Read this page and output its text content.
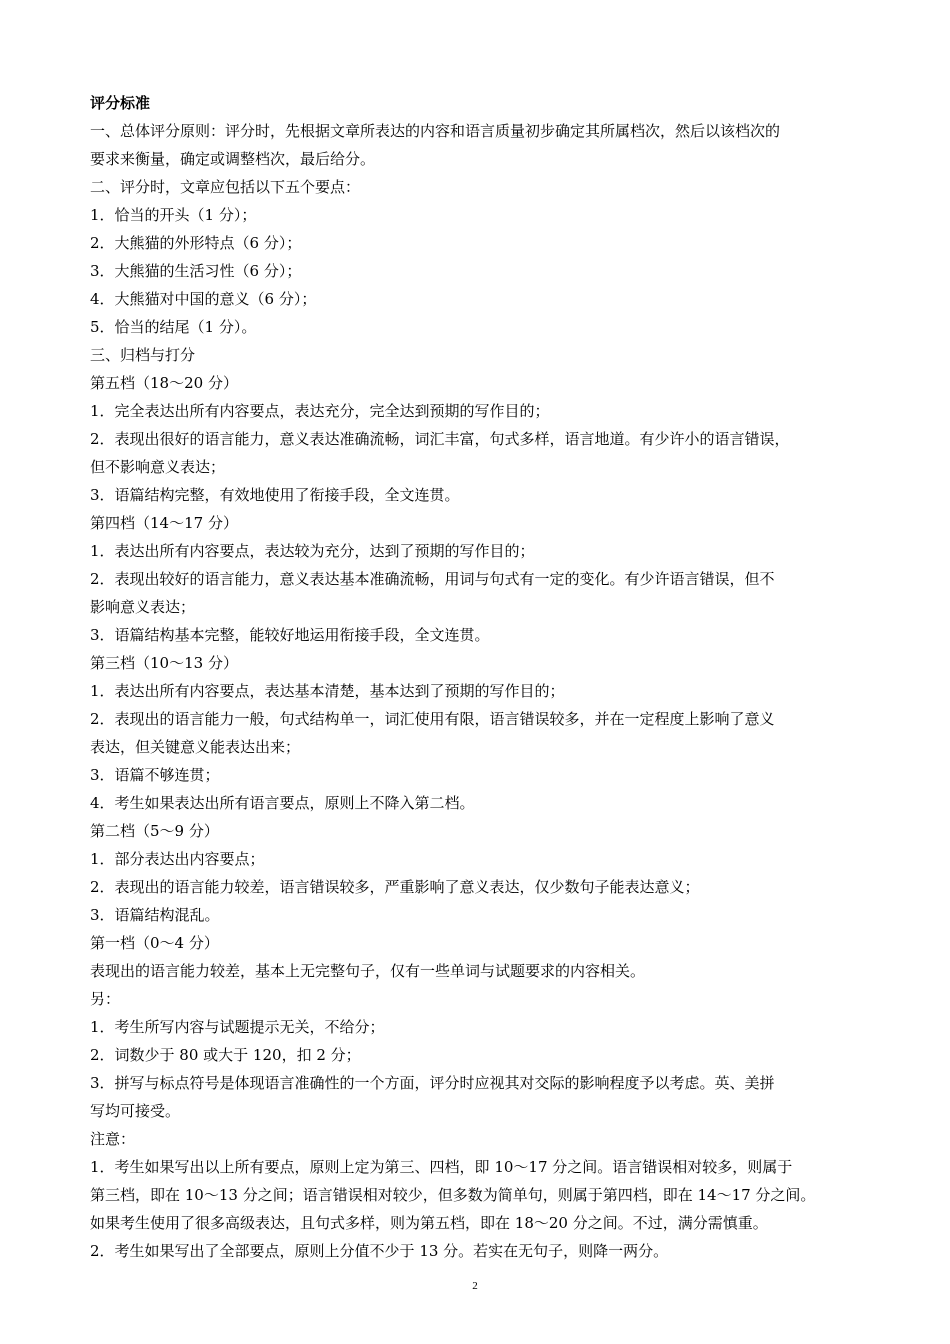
评分标准
一、总体评分原则：评分时，先根据文章所表达的内容和语言质量初步确定其所属档次，然后以该档次的
要求来衡量，确定或调整档次，最后给分。
二、评分时，文章应包括以下五个要点：
1．恰当的开头（1 分）；
2．大熊猫的外形特点（6 分）；
3．大熊猫的生活习性（6 分）；
4．大熊猫对中国的意义（6 分）；
5．恰当的结尾（1 分）。
三、归档与打分
第五档（18～20 分）
1．完全表达出所有内容要点，表达充分，完全达到预期的写作目的；
2．表现出很好的语言能力，意义表达准确流畅，词汇丰富，句式多样，语言地道。有少许小的语言错误，
但不影响意义表达；
3．语篇结构完整，有效地使用了衔接手段，全文连贯。
第四档（14～17 分）
1．表达出所有内容要点，表达较为充分，达到了预期的写作目的；
2．表现出较好的语言能力，意义表达基本准确流畅，用词与句式有一定的变化。有少许语言错误，但不
影响意义表达；
3．语篇结构基本完整，能较好地运用衔接手段，全文连贯。
第三档（10～13 分）
1．表达出所有内容要点，表达基本清楚，基本达到了预期的写作目的；
2．表现出的语言能力一般，句式结构单一，词汇使用有限，语言错误较多，并在一定程度上影响了意义
表达，但关键意义能表达出来；
3．语篇不够连贯；
4．考生如果表达出所有语言要点，原则上不降入第二档。
第二档（5～9 分）
1．部分表达出内容要点；
2．表现出的语言能力较差，语言错误较多，严重影响了意义表达，仅少数句子能表达意义；
3．语篇结构混乱。
第一档（0～4 分）
表现出的语言能力较差，基本上无完整句子，仅有一些单词与试题要求的内容相关。
另：
1．考生所写内容与试题提示无关，不给分；
2．词数少于 80 或大于 120，扣 2 分；
3．拼写与标点符号是体现语言准确性的一个方面，评分时应视其对交际的影响程度予以考虑。英、美拼
写均可接受。
注意：
1．考生如果写出以上所有要点，原则上定为第三、四档，即 10～17 分之间。语言错误相对较多，则属于
第三档，即在 10～13 分之间；语言错误相对较少，但多数为简单句，则属于第四档，即在 14～17 分之间。
如果考生使用了很多高级表达，且句式多样，则为第五档，即在 18～20 分之间。不过，满分需慎重。
2．考生如果写出了全部要点，原则上分值不少于 13 分。若实在无句子，则降一两分。
2
